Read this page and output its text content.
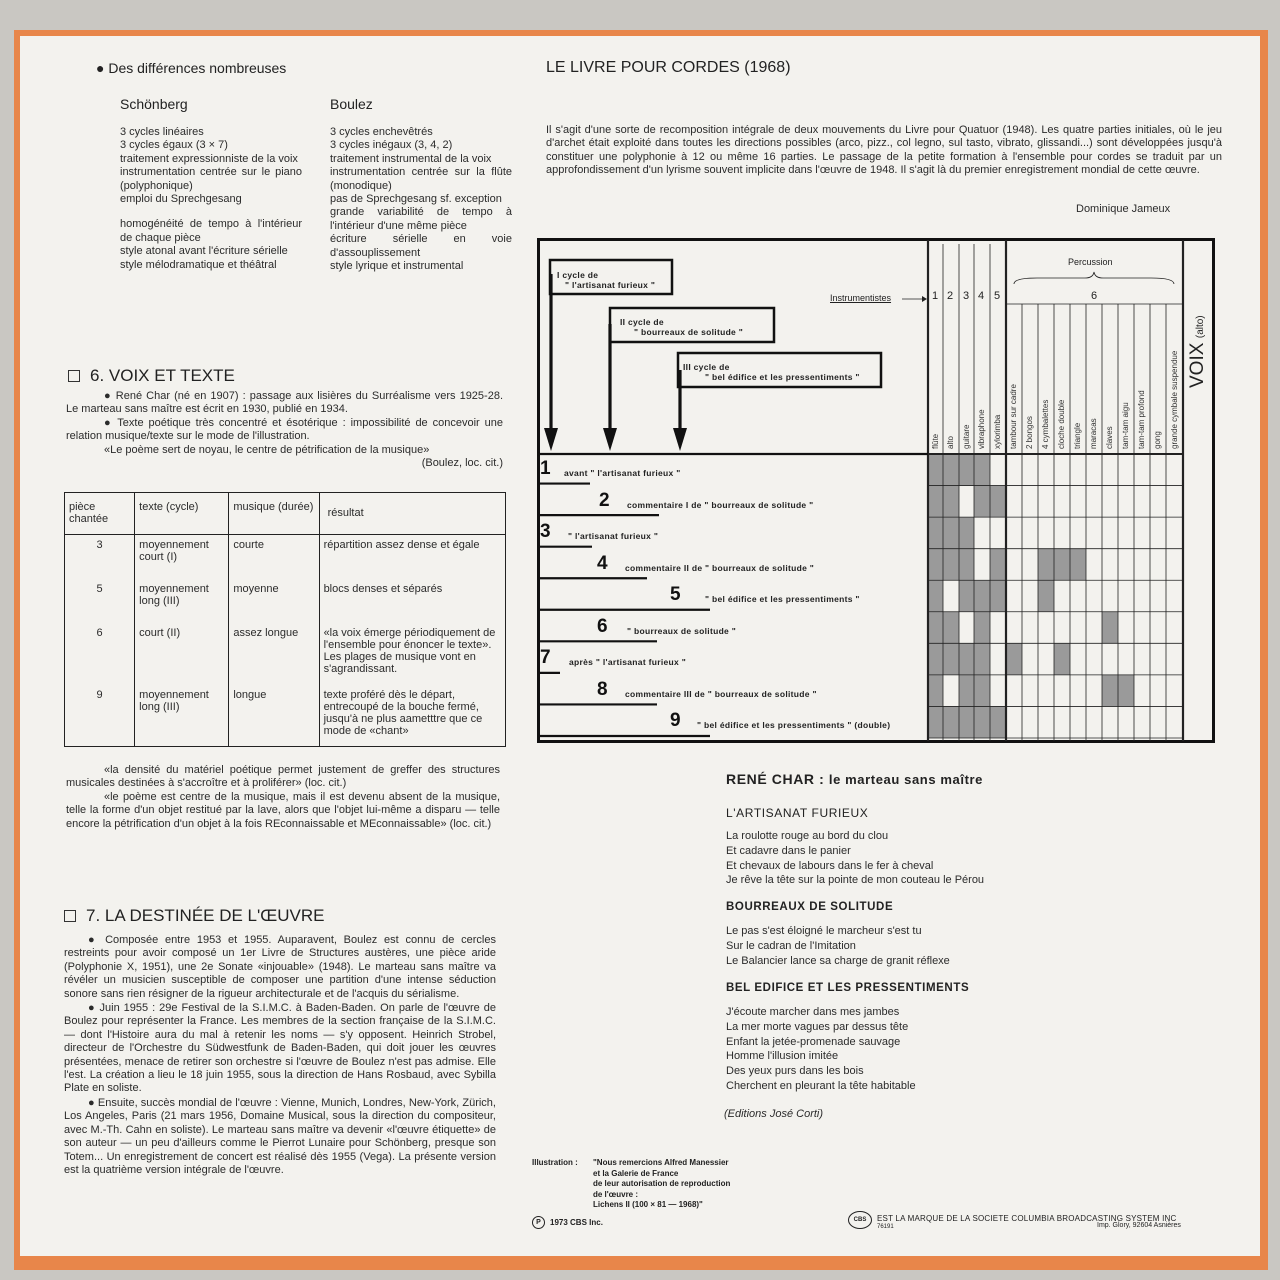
● Des différences nombreuses
Schönberg
3 cycles linéaires
3 cycles égaux (3 × 7)
traitement expressionniste de la voix
instrumentation centrée sur le piano (polyphonique)
emploi du Sprechgesang
homogénéité de tempo à l'intérieur de chaque pièce
style atonal avant l'écriture sérielle
style mélodramatique et théâtral
Boulez
3 cycles enchevêtrés
3 cycles inégaux (3, 4, 2)
traitement instrumental de la voix
instrumentation centrée sur la flûte (monodique)
pas de Sprechgesang sf. exception
grande variabilité de tempo à l'intérieur d'une même pièce
écriture sérielle en voie d'assouplissement
style lyrique et instrumental
6. VOIX ET TEXTE
● René Char (né en 1907) : passage aux lisières du Surréalisme vers 1925-28. Le marteau sans maître est écrit en 1930, publié en 1934.
● Texte poétique très concentré et ésotérique : impossibilité de concevoir une relation musique/texte sur le mode de l'illustration.
«Le poème sert de noyau, le centre de pétrification de la musique»
(Boulez, loc. cit.)
pièce chantée	texte (cycle)	musique (durée)	résultat
3	moyennement court (I)	courte	répartition assez dense et égale
5	moyennement long (III)	moyenne	blocs denses et séparés
6	court (II)	assez longue	«la voix émerge périodiquement de l'ensemble pour énoncer le texte». Les plages de musique vont en s'agrandissant.
9	moyennement long (III)	longue	texte proféré dès le départ, entrecoupé de la bouche fermé, jusqu'à ne plus aametttre que ce mode de «chant»
«la densité du matériel poétique permet justement de greffer des structures musicales destinées à s'accroître et à proliférer» (loc. cit.)
«le poème est centre de la musique, mais il est devenu absent de la musique, telle la forme d'un objet restitué par la lave, alors que l'objet lui-même a disparu — telle encore la pétrification d'un objet à la fois REconnaissable et MEconnaissable» (loc. cit.)
7. LA DESTINÉE DE L'ŒUVRE
● Composée entre 1953 et 1955. Auparavent, Boulez est connu de cercles restreints pour avoir composé un 1er Livre de Structures austères, une pièce aride (Polyphonie X, 1951), une 2e Sonate «injouable» (1948). Le marteau sans maître va révéler un musicien susceptible de composer une partition d'une intense séduction sonore sans rien résigner de la rigueur architecturale et de l'acquis du sérialisme.
● Juin 1955 : 29e Festival de la S.I.M.C. à Baden-Baden. On parle de l'œuvre de Boulez pour représenter la France. Les membres de la section française de la S.I.M.C. — dont l'Histoire aura du mal à retenir les noms — s'y opposent. Heinrich Strobel, directeur de l'Orchestre du Südwestfunk de Baden-Baden, qui doit jouer les œuvres présentées, menace de retirer son orchestre si l'œuvre de Boulez n'est pas admise. Elle l'est. La création a lieu le 18 juin 1955, sous la direction de Hans Rosbaud, avec Sybilla Plate en soliste.
● Ensuite, succès mondial de l'œuvre : Vienne, Munich, Londres, New-York, Zürich, Los Angeles, Paris (21 mars 1956, Domaine Musical, sous la direction du compositeur, avec M.-Th. Cahn en soliste). Le marteau sans maître va devenir «l'œuvre étiquette» de son auteur — un peu d'ailleurs comme le Pierrot Lunaire pour Schönberg, presque son Totem... Un enregistrement de concert est réalisé dès 1955 (Vega). La présente version est la quatrième version intégrale de l'œuvre.
LE LIVRE POUR CORDES (1968)
Il s'agit d'une sorte de recomposition intégrale de deux mouvements du Livre pour Quatuor (1948). Les quatre parties initiales, où le jeu d'archet était exploité dans toutes les directions possibles (arco, pizz., col legno, sul tasto, vibrato, glissandi...) sont développées jusqu'à constituer une polyphonie à 12 ou même 16 parties. Le passage de la petite formation à l'ensemble pour cordes se traduit par un approfondissement d'un lyrisme souvent implicite dans l'œuvre de 1948. Il s'agit là du premier enregistrement mondial de cette œuvre.
Dominique Jameux
I cycle de
" l'artisanat furieux "
II cycle de
" bourreaux de solitude "
III cycle de
" bel édifice et les pressentiments "
Instrumentistes
Percussion
6
1 2 3 4 5
flûte alto guitare vibraphone xylorimba tambour sur cadre 2 bongos 4 cymbalettes cloche double triangle maracas claves tam-tam aigu tam-tam profond gong grande cymbale suspendue
1 avant " l'artisanat furieux "
2 commentaire I de " bourreaux de solitude "
3 " l'artisanat furieux "
4 commentaire II de " bourreaux de solitude "
5	" bel édifice et les pressentiments "
6 " bourreaux de solitude "
7 après " l'artisanat furieux "
8 commentaire III de " bourreaux de solitude "
9 " bel édifice et les pressentiments " (double)
VOIX (alto)
RENÉ CHAR : le marteau sans maître
L'ARTISANAT FURIEUX
La roulotte rouge au bord du clou
Et cadavre dans le panier
Et chevaux de labours dans le fer à cheval
Je rêve la tête sur la pointe de mon couteau le Pérou
BOURREAUX DE SOLITUDE
Le pas s'est éloigné le marcheur s'est tu
Sur le cadran de l'Imitation
Le Balancier lance sa charge de granit réflexe
BEL EDIFICE ET LES PRESSENTIMENTS
J'écoute marcher dans mes jambes
La mer morte vagues par dessus tête
Enfant la jetée-promenade sauvage
Homme l'illusion imitée
Des yeux purs dans les bois
Cherchent en pleurant la tête habitable
(Editions José Corti)
Illustration : "Nous remercions Alfred Manessier
et la Galerie de France
de leur autorisation de reproduction
de l'œuvre :
Lichens II (100 × 81 — 1968)"
P	1973 CBS Inc.	CBS EST LA MARQUE DE LA SOCIETE COLUMBIA BROADCASTING SYSTEM INC
76191	Imp. Glory, 92604 Asnières
